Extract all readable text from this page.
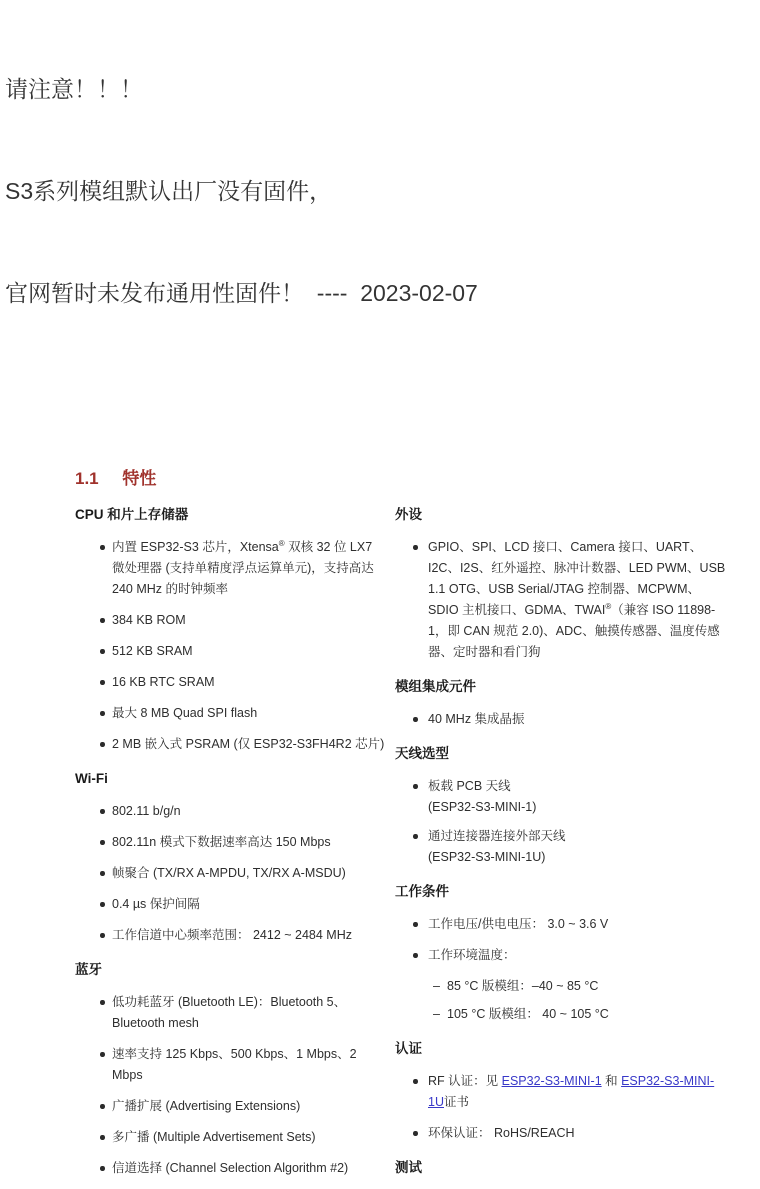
请注意！！！

S3系列模组默认出厂没有固件，

官网暂时未发布通用性固件！  ----  2023-02-07

1.1 特性
CPU 和片上存储器
内置 ESP32-S3 芯片，Xtensa® 双核 32 位 LX7 微处理器 (支持单精度浮点运算单元)，支持高达 240 MHz 的时钟频率
384 KB ROM
512 KB SRAM
16 KB RTC SRAM
最大 8 MB Quad SPI flash
2 MB 嵌入式 PSRAM (仅 ESP32-S3FH4R2 芯片)
Wi-Fi
802.11 b/g/n
802.11n 模式下数据速率高达 150 Mbps
帧聚合 (TX/RX A-MPDU, TX/RX A-MSDU)
0.4 µs 保护间隔
工作信道中心频率范围： 2412 ~ 2484 MHz
蓝牙
低功耗蓝牙 (Bluetooth LE)：Bluetooth 5、Bluetooth mesh
速率支持 125 Kbps、500 Kbps、1 Mbps、2 Mbps
广播扩展 (Advertising Extensions)
多广播 (Multiple Advertisement Sets)
信道选择 (Channel Selection Algorithm #2)
外设
GPIO、SPI、LCD 接口、Camera 接口、UART、I2C、I2S、红外遥控、脉冲计数器、LED PWM、USB 1.1 OTG、USB Serial/JTAG 控制器、MCPWM、SDIO 主机接口、GDMA、TWAI®（兼容 ISO 11898-1，即 CAN 规范 2.0)、ADC、触摸传感器、温度传感器、定时器和看门狗
模组集成元件
40 MHz 集成晶振
天线选型
板载 PCB 天线
(ESP32-S3-MINI-1)
通过连接器连接外部天线
(ESP32-S3-MINI-1U)
工作条件
工作电压/供电电压： 3.0 ~ 3.6 V
工作环境温度：
– 85 °C 版模组：–40 ~ 85 °C
– 105 °C 版模组： 40 ~ 105 °C
认证
RF 认证：见 ESP32-S3-MINI-1 和 ESP32-S3-MINI-1U证书
环保认证： RoHS/REACH
测试
